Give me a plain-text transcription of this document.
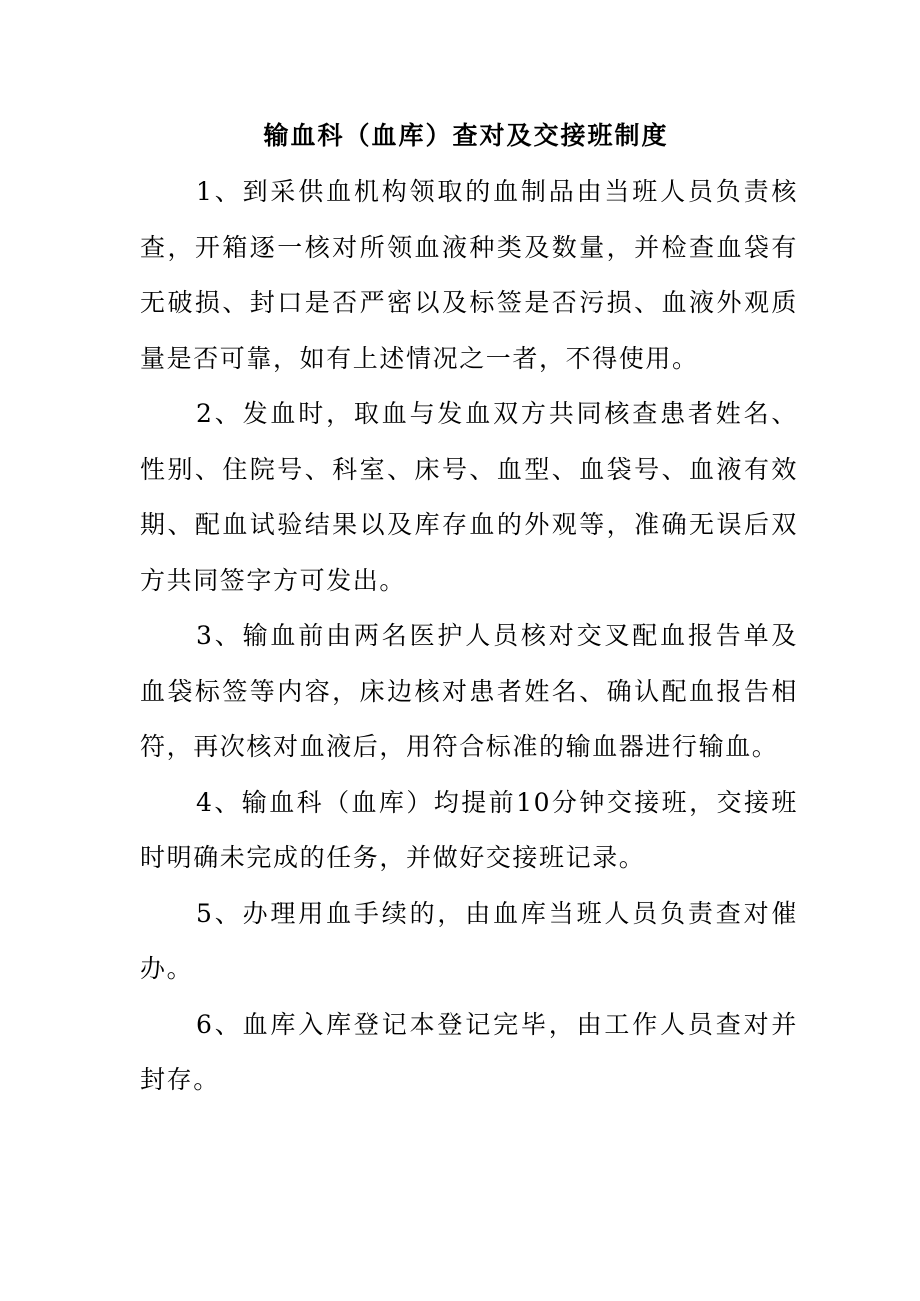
输血科（血库）查对及交接班制度

1、到采供血机构领取的血制品由当班人员负责核查，开箱逐一核对所领血液种类及数量，并检查血袋有无破损、封口是否严密以及标签是否污损、血液外观质量是否可靠，如有上述情况之一者，不得使用。

2、发血时，取血与发血双方共同核查患者姓名、性别、住院号、科室、床号、血型、血袋号、血液有效期、配血试验结果以及库存血的外观等，准确无误后双方共同签字方可发出。

3、输血前由两名医护人员核对交叉配血报告单及血袋标签等内容，床边核对患者姓名、确认配血报告相符，再次核对血液后，用符合标准的输血器进行输血。

4、输血科（血库）均提前10分钟交接班，交接班时明确未完成的任务，并做好交接班记录。

5、办理用血手续的，由血库当班人员负责查对催办。

6、血库入库登记本登记完毕，由工作人员查对并封存。
